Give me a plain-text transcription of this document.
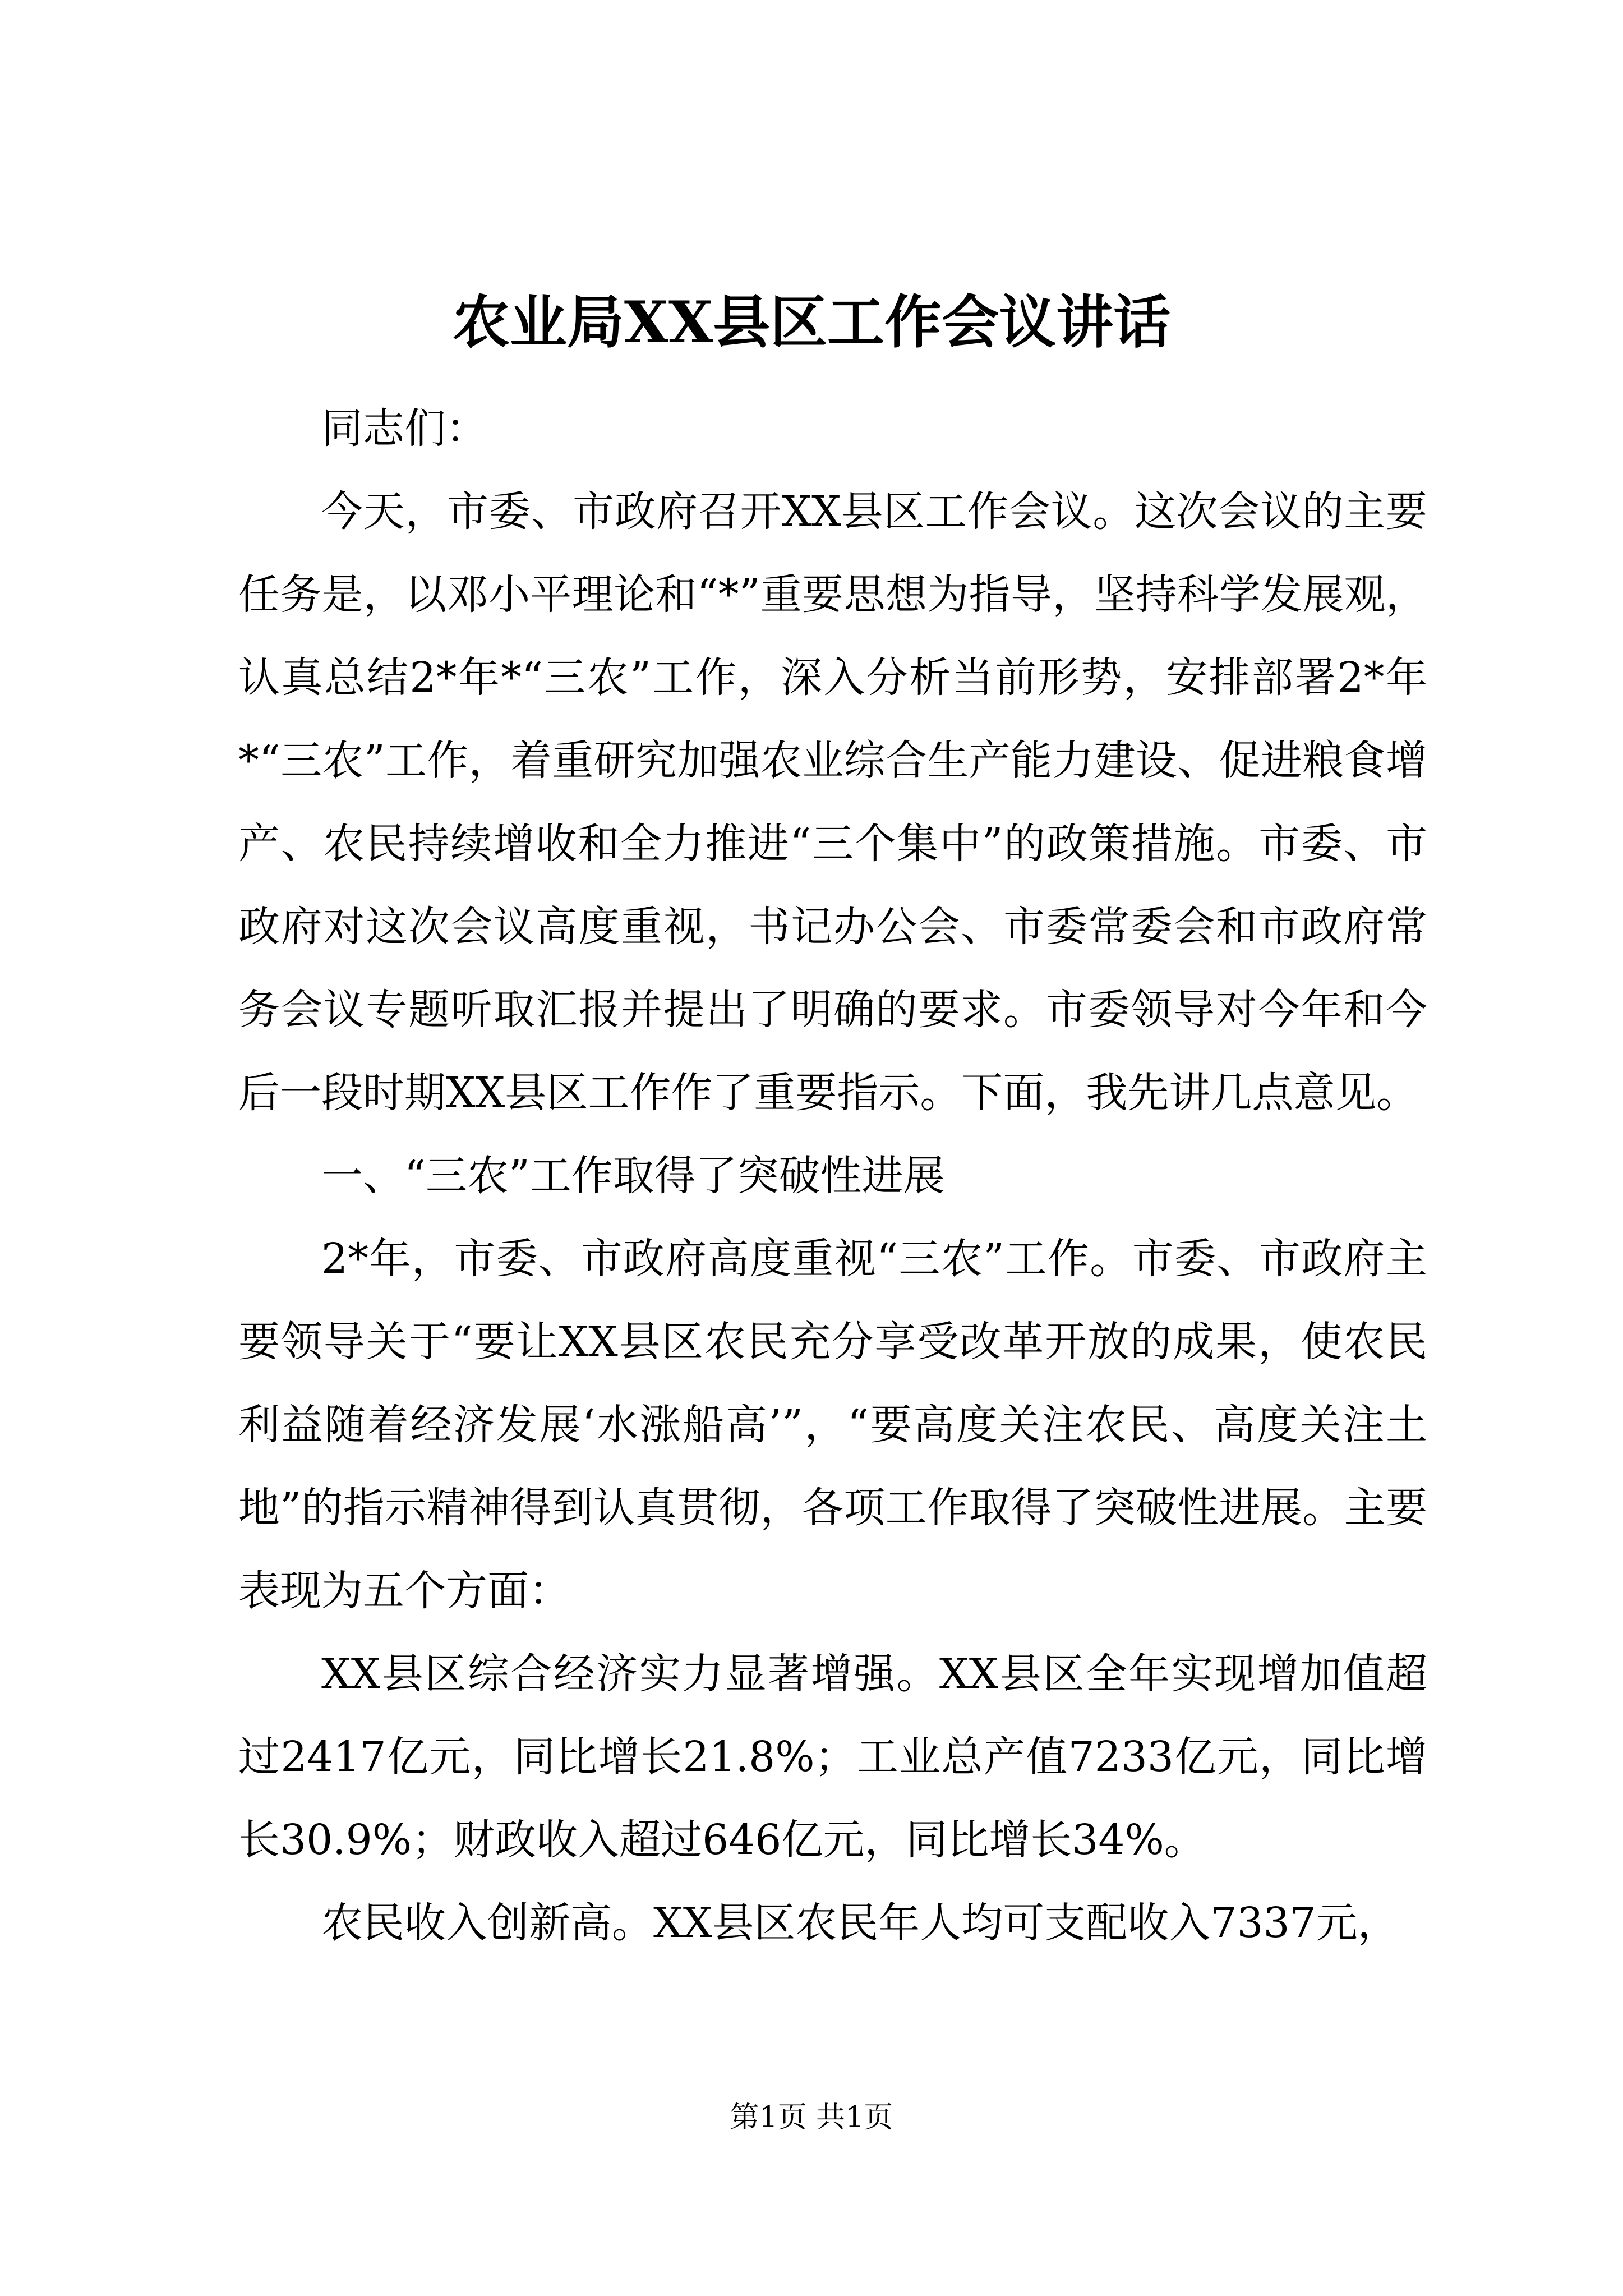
农业局XX县区工作会议讲话

同志们：

今天，市委、市政府召开XX县区工作会议。这次会议的主要任务是，以邓小平理论和“*”重要思想为指导，坚持科学发展观，认真总结2*年*“三农”工作，深入分析当前形势，安排部署2*年*“三农”工作，着重研究加强农业综合生产能力建设、促进粮食增产、农民持续增收和全力推进“三个集中”的政策措施。市委、市政府对这次会议高度重视，书记办公会、市委常委会和市政府常务会议专题听取汇报并提出了明确的要求。市委领导对今年和今后一段时期XX县区工作作了重要指示。下面，我先讲几点意见。

一、“三农”工作取得了突破性进展

2*年，市委、市政府高度重视“三农”工作。市委、市政府主要领导关于“要让XX县区农民充分享受改革开放的成果，使农民利益随着经济发展‘水涨船高’”，“要高度关注农民、高度关注土地”的指示精神得到认真贯彻，各项工作取得了突破性进展。主要表现为五个方面：

XX县区综合经济实力显著增强。XX县区全年实现增加值超过2417亿元，同比增长21.8%；工业总产值7233亿元，同比增长30.9%；财政收入超过646亿元，同比增长34%。

农民收入创新高。XX县区农民年人均可支配收入7337元，

第1页 共1页
